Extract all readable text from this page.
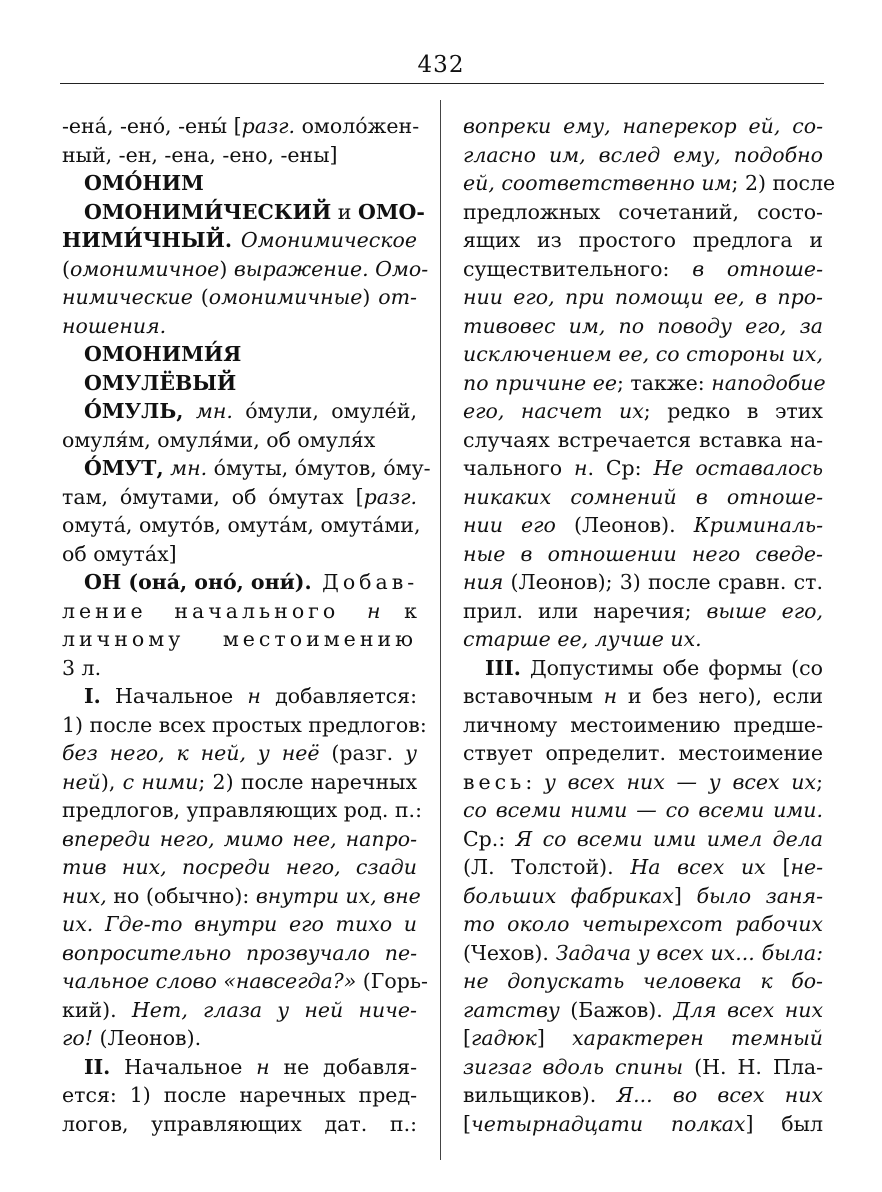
432
-ена́, -ено́, -ены́ [разг. омоло́жен-
ный, -ен, -ена, -ено, -ены]
ОМО́НИМ
ОМОНИМИ́ЧЕСКИЙ и ОМО-
НИМИ́ЧНЫЙ. Омонимическое
(омонимичное) выражение. Омо-
нимические (омонимичные) от-
ношения.
ОМОНИМИ́Я
ОМУЛЁВЫЙ
О́МУЛЬ, мн. о́мули, омуле́й,
омуля́м, омуля́ми, об омуля́х
О́МУТ, мн. о́муты, о́мутов, о́му-
там, о́мутами, об о́мутах [разг.
омута́, омуто́в, омута́м, омута́ми,
об омута́х]
ОН (она́, оно́, они́). Добав-
ление начального н к
личному местоимению
3 л.
I. Начальное н добавляется:
1) после всех простых предлогов:
без него, к ней, у неё (разг. у
ней), с ними; 2) после наречных
предлогов, управляющих род. п.:
впереди него, мимо нее, напро-
тив них, посреди него, сзади
них, но (обычно): внутри их, вне
их. Где-то внутри его тихо и
вопросительно прозвучало пе-
чальное слово «навсегда?» (Горь-
кий). Нет, глаза у ней ниче-
го! (Леонов).
II. Начальное н не добавля-
ется: 1) после наречных пред-
логов, управляющих дат. п.:
вопреки ему, наперекор ей, со-
гласно им, вслед ему, подобно
ей, соответственно им; 2) после
предложных сочетаний, состо-
ящих из простого предлога и
существительного: в отноше-
нии его, при помощи ее, в про-
тивовес им, по поводу его, за
исключением ее, со стороны их,
по причине ее; также: наподобие
его, насчет их; редко в этих
случаях встречается вставка на-
чального н. Ср: Не оставалось
никаких сомнений в отноше-
нии его (Леонов). Криминаль-
ные в отношении него сведе-
ния (Леонов); 3) после сравн. ст.
прил. или наречия; выше его,
старше ее, лучше их.
III. Допустимы обе формы (со
вставочным н и без него), если
личному местоимению предше-
ствует определит. местоимение
весь: у всех них — у всех их;
со всеми ними — со всеми ими.
Ср.: Я со всеми ими имел дела
(Л. Толстой). На всех их [не-
больших фабриках] было заня-
то около четырехсот рабочих
(Чехов). Задача у всех их... была:
не допускать человека к бо-
гатству (Бажов). Для всех них
[гадюк] характерен темный
зигзаг вдоль спины (Н. Н. Пла-
вильщиков). Я... во всех них
[четырнадцати полках] был
